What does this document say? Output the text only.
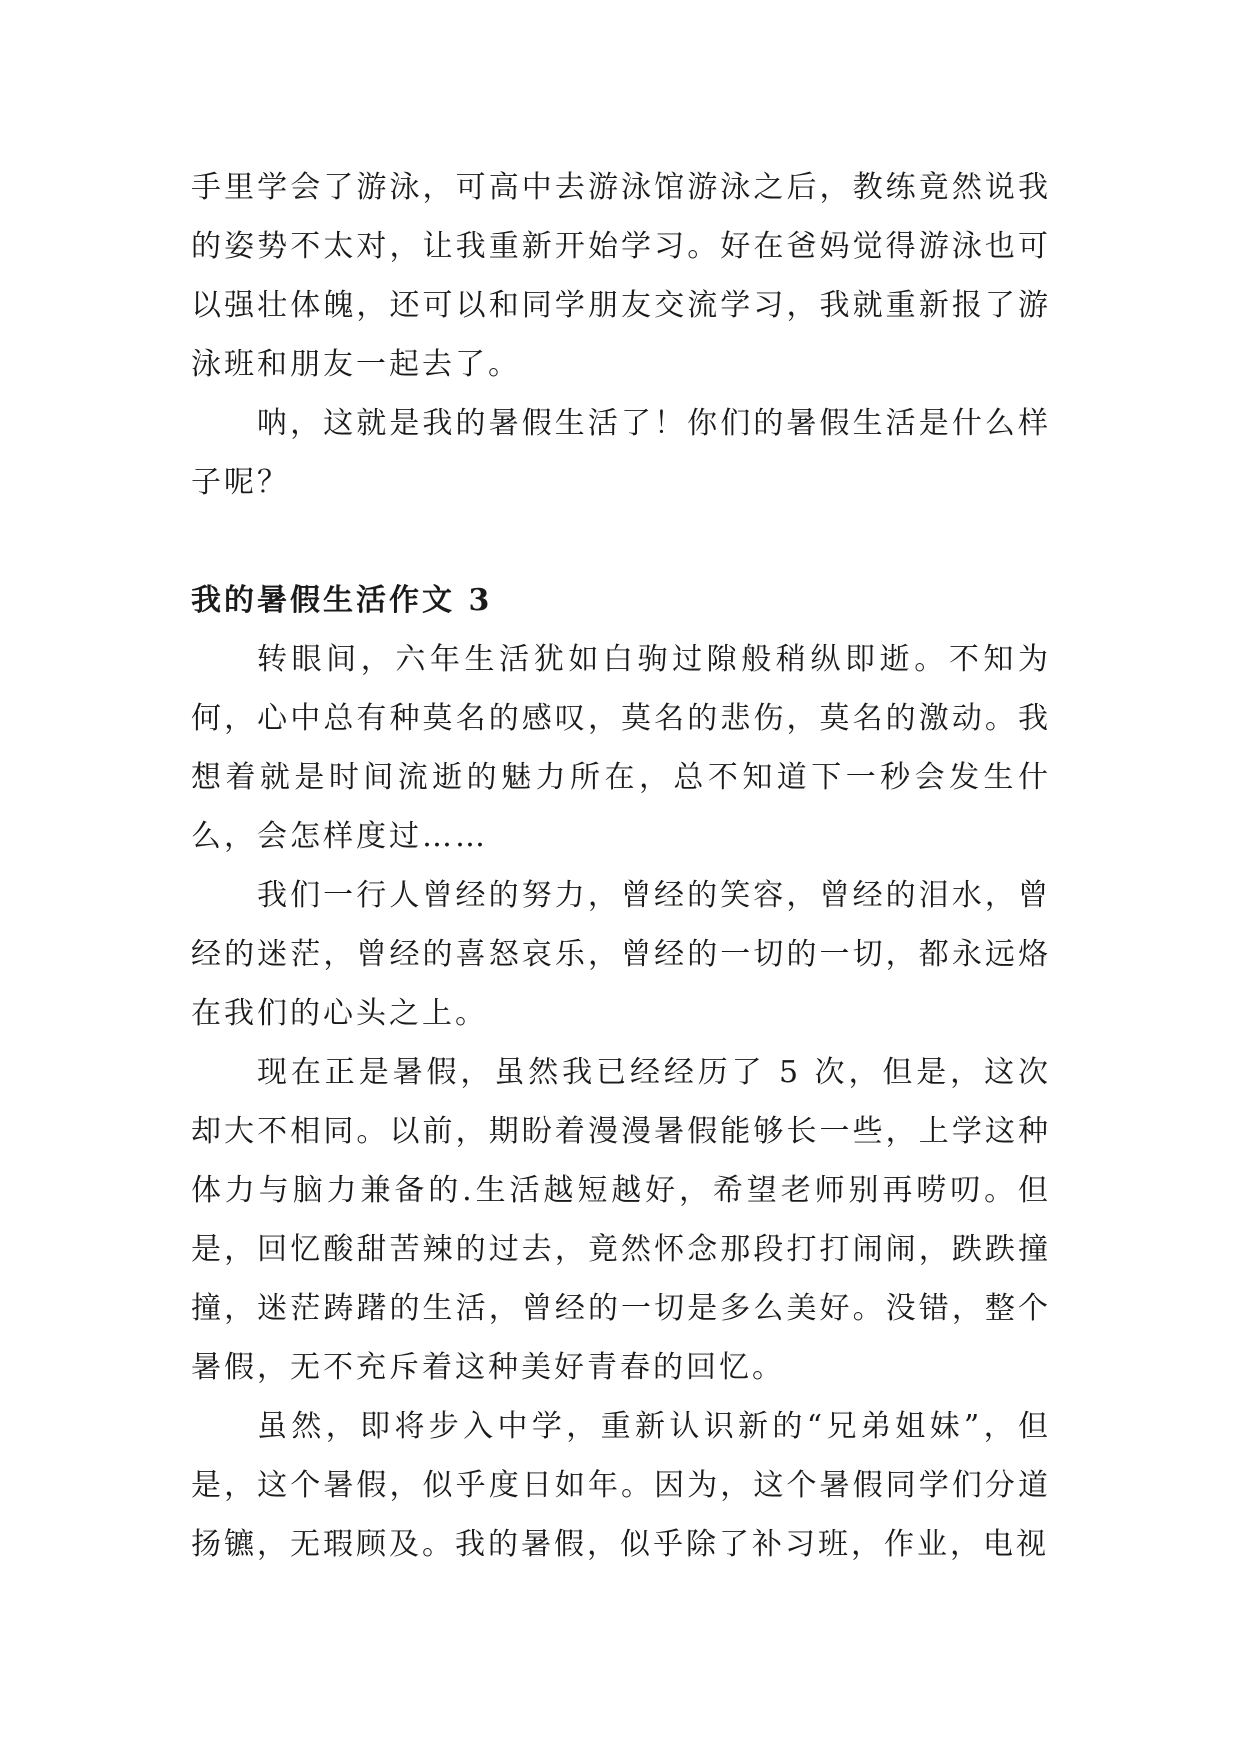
手里学会了游泳，可高中去游泳馆游泳之后，教练竟然说我的姿势不太对，让我重新开始学习。好在爸妈觉得游泳也可以强壮体魄，还可以和同学朋友交流学习，我就重新报了游泳班和朋友一起去了。

呐，这就是我的暑假生活了！你们的暑假生活是什么样子呢？

我的暑假生活作文 3

转眼间，六年生活犹如白驹过隙般稍纵即逝。不知为何，心中总有种莫名的感叹，莫名的悲伤，莫名的激动。我想着就是时间流逝的魅力所在，总不知道下一秒会发生什么，会怎样度过……

我们一行人曾经的努力，曾经的笑容，曾经的泪水，曾经的迷茫，曾经的喜怒哀乐，曾经的一切的一切，都永远烙在我们的心头之上。

现在正是暑假，虽然我已经经历了 5 次，但是，这次却大不相同。以前，期盼着漫漫暑假能够长一些，上学这种体力与脑力兼备的.生活越短越好，希望老师别再唠叨。但是，回忆酸甜苦辣的过去，竟然怀念那段打打闹闹，跌跌撞撞，迷茫踌躇的生活，曾经的一切是多么美好。没错，整个暑假，无不充斥着这种美好青春的回忆。

虽然，即将步入中学，重新认识新的“兄弟姐妹”，但是，这个暑假，似乎度日如年。因为，这个暑假同学们分道扬镳，无瑕顾及。我的暑假，似乎除了补习班，作业，电视
